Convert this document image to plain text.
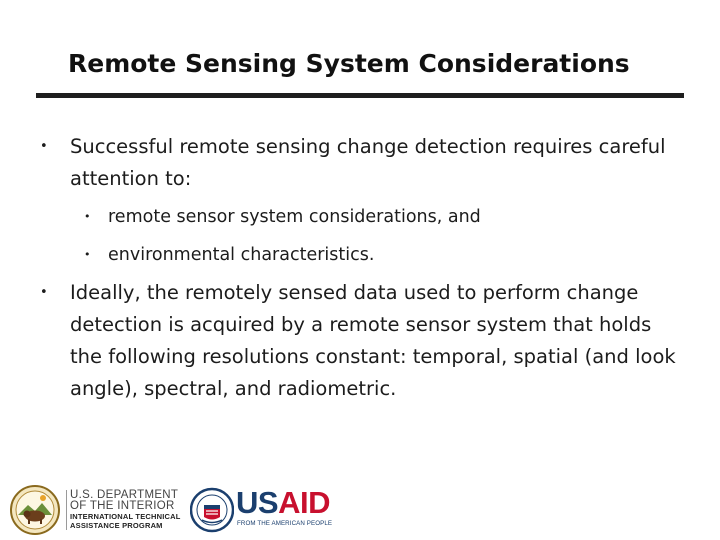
Remote Sensing System Considerations
•	Successful remote sensing change detection requires careful attention to:
• remote sensor system considerations, and
• environmental characteristics.
•	Ideally, the remotely sensed data used to perform change detection is acquired by a remote sensor system that holds the following resolutions constant: temporal, spatial (and look angle), spectral, and radiometric.
U.S. DEPARTMENT
OF THE INTERIOR
INTERNATIONAL TECHNICAL
ASSISTANCE PROGRAM
USAID
FROM THE AMERICAN PEOPLE
